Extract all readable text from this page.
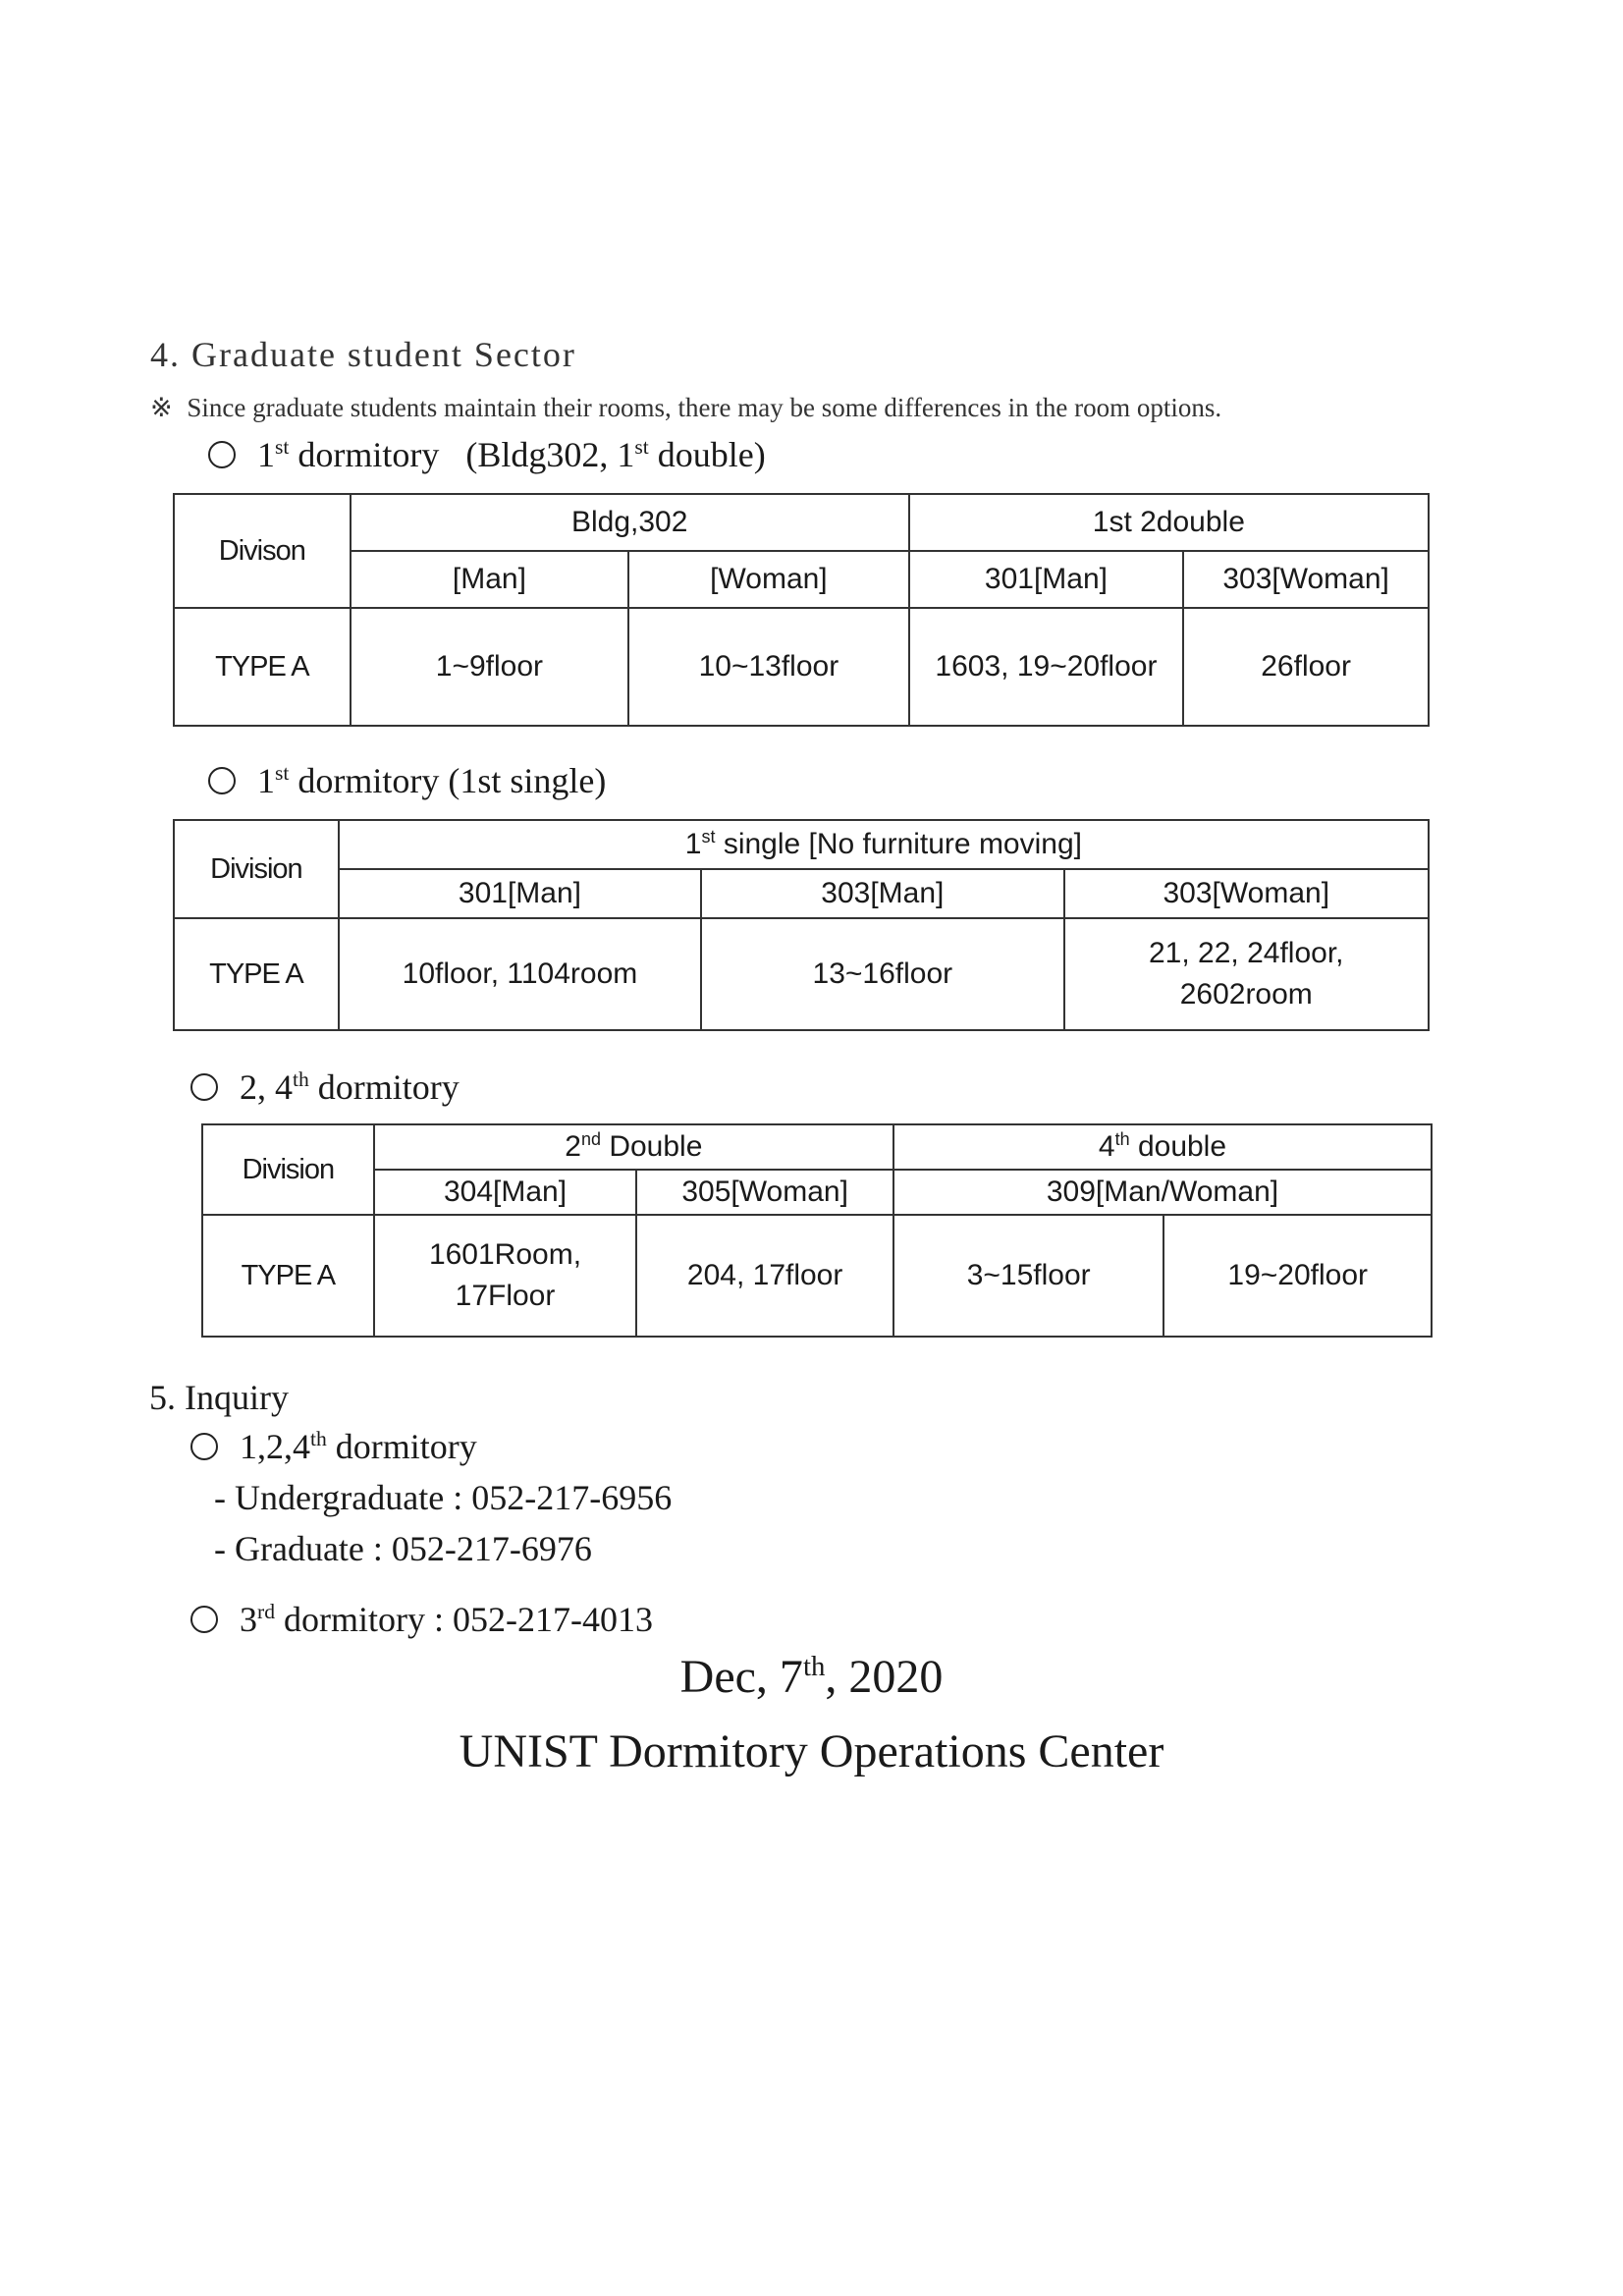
4. Graduate student Sector
※ Since graduate students maintain their rooms, there may be some differences in the room options.
1st dormitory   (Bldg302, 1st double)
Divison	Bldg,302		1st 2double	
	[Man]	[Woman]	301[Man]	303[Woman]
TYPE A	1~9floor	10~13floor	1603, 19~20floor	26floor
1st dormitory (1st single)
Division	1st single [No furniture moving]		
	301[Man]	303[Man]	303[Woman]
TYPE A	10floor, 1104room	13~16floor	21, 22, 24floor,
2602room
2, 4th dormitory
Division	2nd Double		4th double	
	304[Man]	305[Woman]	309[Man/Woman]	
TYPE A	1601Room,
17Floor	204, 17floor	3~15floor	19~20floor
5. Inquiry
1,2,4th dormitory
- Undergraduate : 052-217-6956
- Graduate : 052-217-6976
3rd dormitory : 052-217-4013
Dec, 7th, 2020
UNIST Dormitory Operations Center
